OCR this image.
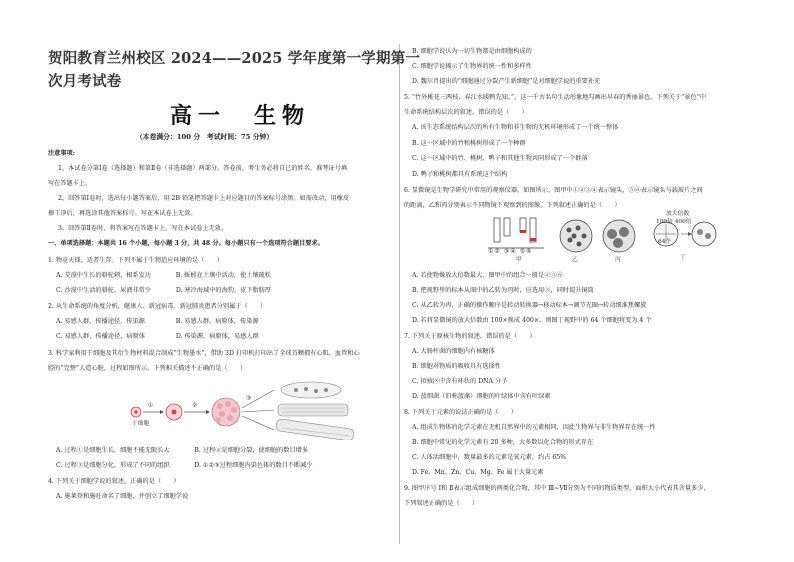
贺阳教育兰州校区 2024——2025 学年度第一学期第一
次月考试卷
高一　生物
（本卷满分：100 分　考试时间：75 分钟）
注意事项:
1、本试卷分第Ⅰ卷（选择题）和第Ⅱ卷（非选择题）两部分。答卷前，考生务必将自己的姓名、准考证号填
写在答题卡上。
2、回答第Ⅰ卷时，选出每小题答案后，用 2B 铅笔把答题卡上对应题目的答案标号涂黑。如需改动，用橡皮
擦干净后，再选涂其他答案标号。写在本试卷上无效。
3、回答第Ⅱ卷时，将答案写在答题卡上。写在本试卷上无效。
一、单项选择题：本题共 16 个小题，每小题 3 分，共 48 分。每小题只有一个选项符合题目要求。
1. 物竞天择，适者生存。下列不属于生物适应环境的是（　　）
A. 荒漠中生长的骆驼刺，根系发达　　　　B. 蚯蚓在土壤中活动，使土壤疏松
C. 沙漠中生活的骆驼，尿液非常少　　　　D. 寒冷海域中的海豹，皮下脂肪厚
2. 从生命系统的角度分析，健康人、新冠病毒、新冠肺炎患者分别属于（　　）
A. 易感人群，传播途径，传染源　　　　　B. 易感人群，病原体，传染源
C. 易感人群，传播途径，病原体　　　　　D. 传染源，病原体，易感人群
3. 科学家利用干细胞及其衍生物材料混合制成“生物墨水”，借助 3D 打印机打印出了全球首颗拥有心肌、血管和心
腔的“完整”人造心脏，过程如图所示。下列相关描述不正确的是（　　）
①	②
③
干细胞
A. 过程①是细胞生长，细胞不能无限长大　　　　B. 过程②是细胞分裂，使细胞的数目增多
C. 过程③是细胞分化，形成了不同的组织　　　　D. ①②③过程细胞内染色体的数目不断减少
4. 下列关于细胞学说的叙述，正确的是（　　）
A. 施莱登和施旺命名了细胞，并创立了细胞学说
B. 细胞学说认为一切生物都是由细胞构成的
C. 细胞学说揭示了生物界的统一性和多样性
D. 魏尔肖提出的“细胞通过分裂产生新细胞”是对细胞学说的重要补充
5. “竹外桃花三两枝，春江水暖鸭先知。”，这一千古名句生动形象地勾画出早春的秀丽景色。下列关于“景色”中
生命系统结构层次的叙述，错误的是（　　）
A. 该生态系统结构层次的所有生物和非生物的无机环境形成了一个统一整体
B. 这一区域中的竹和桃树形成了一个种群
C. 这一区域中的竹、桃树、鸭子和其他生物共同形成了一个群落
D. 鸭子和桃树都具有系统这个结构
6. 显微镜是生物学研究中常用的观察仪器。如图所示，图甲中①②③④表示镜头，⑤⑥表示镜头与载玻片之间
的距离，乙和丙分别表示不同物镜下观察到的图像。下列叙述正确的是（　　）
①② ③④ ⑤⑥
甲	乙	丙
放大倍数
100倍 400倍
64个
丁
A. 若使物像放大倍数最大，图甲中的组合一般是②③⑥
B. 把视野里的标本从图中的乙转为丙时，应选用③，同时提升镜筒
C. 从乙转为丙，正确的操作顺序是转动转换器→移动标本→调节光圈→转动细准焦螺旋
D. 若将显微镜的放大倍数由 100×换成 400×，则图丁视野中的 64 个细胞将变为 4 个
7. 下列关于原核生物的叙述，错误的是（　　）
A. 大肠杆菌的细胞内有核糖体
B. 细胞对物质的吸收具有选择性
C. 拟核区中含有环状的 DNA 分子
D. 蓝细菌（旧称蓝藻）细胞的叶绿体中含有叶绿素
8. 下列关于元素的说法正确的是（　　）
A. 组成生物体的化学元素在无机自然界中的元素相同，因此生物界与非生物界存在统一性
B. 细胞中常见的化学元素有 20 多种，大多数以化合物的形式存在
C. 人体活细胞中，数量最多的元素是氧元素，约占 65%
D. Fe、Mn、Zn、Cu、Mg、Fe 属于大量元素
9. 图甲序号 Ⅰ和 Ⅱ表示组成细胞的两类化合物，其中 Ⅲ~Ⅶ分别为不同的物质类型，面积大小代表其含量多少，
下列叙述正确的是（　　）
